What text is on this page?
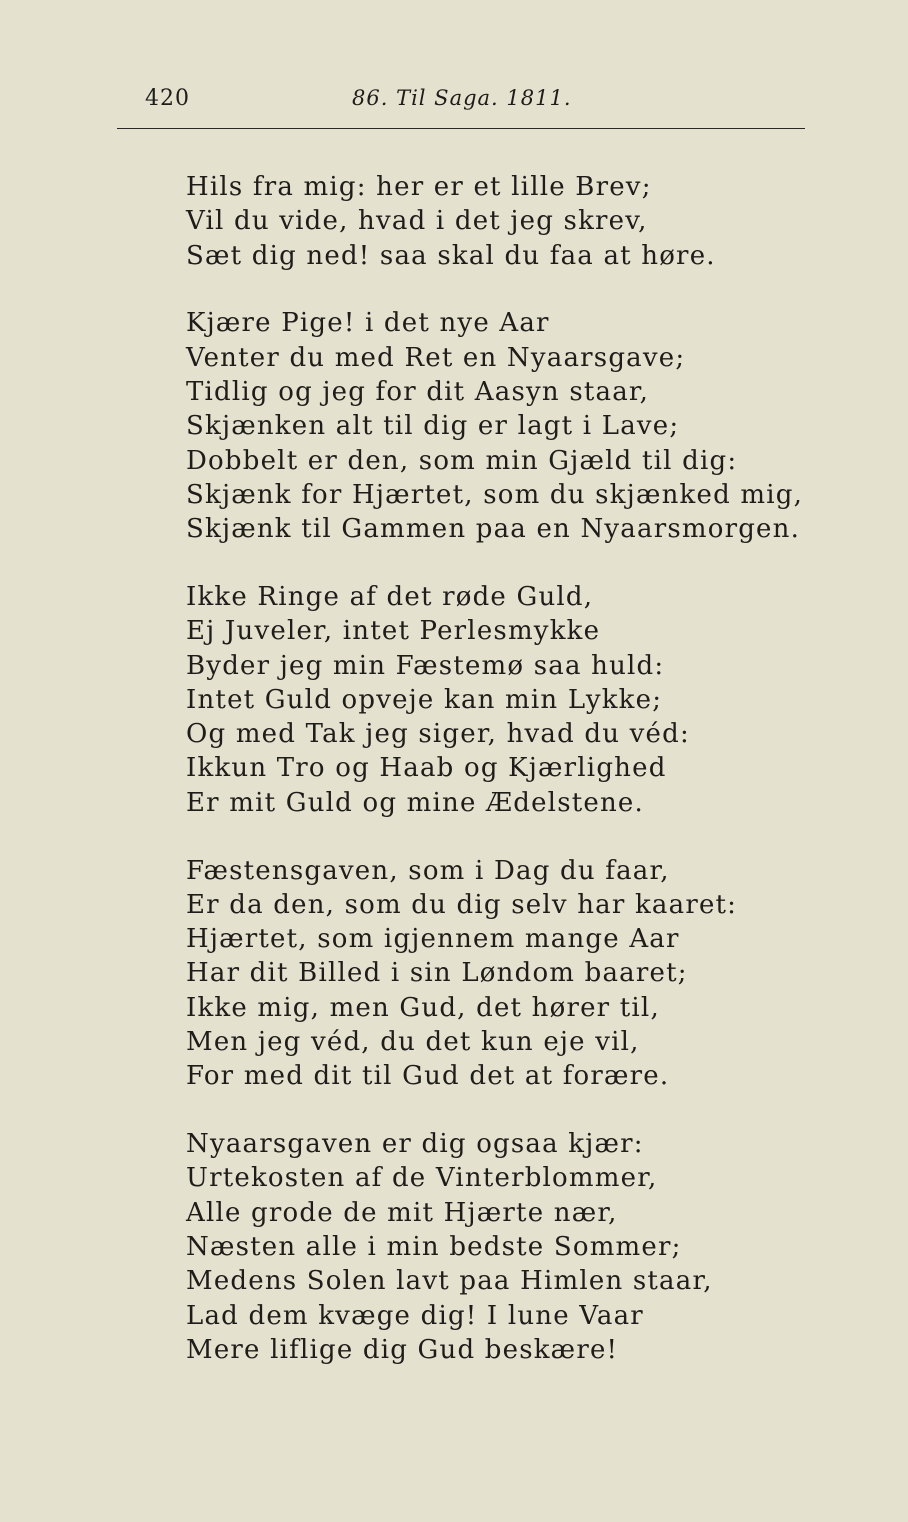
420	86. Til Saga. 1811.
Hils fra mig: her er et lille Brev;
Vil du vide, hvad i det jeg skrev,
Sæt dig ned! saa skal du faa at høre.
Kjære Pige! i det nye Aar
Venter du med Ret en Nyaarsgave;
Tidlig og jeg for dit Aasyn staar,
Skjænken alt til dig er lagt i Lave;
Dobbelt er den, som min Gjæld til dig:
Skjænk for Hjærtet, som du skjænked mig,
Skjænk til Gammen paa en Nyaarsmorgen.
Ikke Ringe af det røde Guld,
Ej Juveler, intet Perlesmykke
Byder jeg min Fæstemø saa huld:
Intet Guld opveje kan min Lykke;
Og med Tak jeg siger, hvad du véd:
Ikkun Tro og Haab og Kjærlighed
Er mit Guld og mine Ædelstene.
Fæstensgaven, som i Dag du faar,
Er da den, som du dig selv har kaaret:
Hjærtet, som igjennem mange Aar
Har dit Billed i sin Løndom baaret;
Ikke mig, men Gud, det hører til,
Men jeg véd, du det kun eje vil,
For med dit til Gud det at forære.
Nyaarsgaven er dig ogsaa kjær:
Urtekosten af de Vinterblommer,
Alle grode de mit Hjærte nær,
Næsten alle i min bedste Sommer;
Medens Solen lavt paa Himlen staar,
Lad dem kvæge dig! I lune Vaar
Mere liflige dig Gud beskære!
